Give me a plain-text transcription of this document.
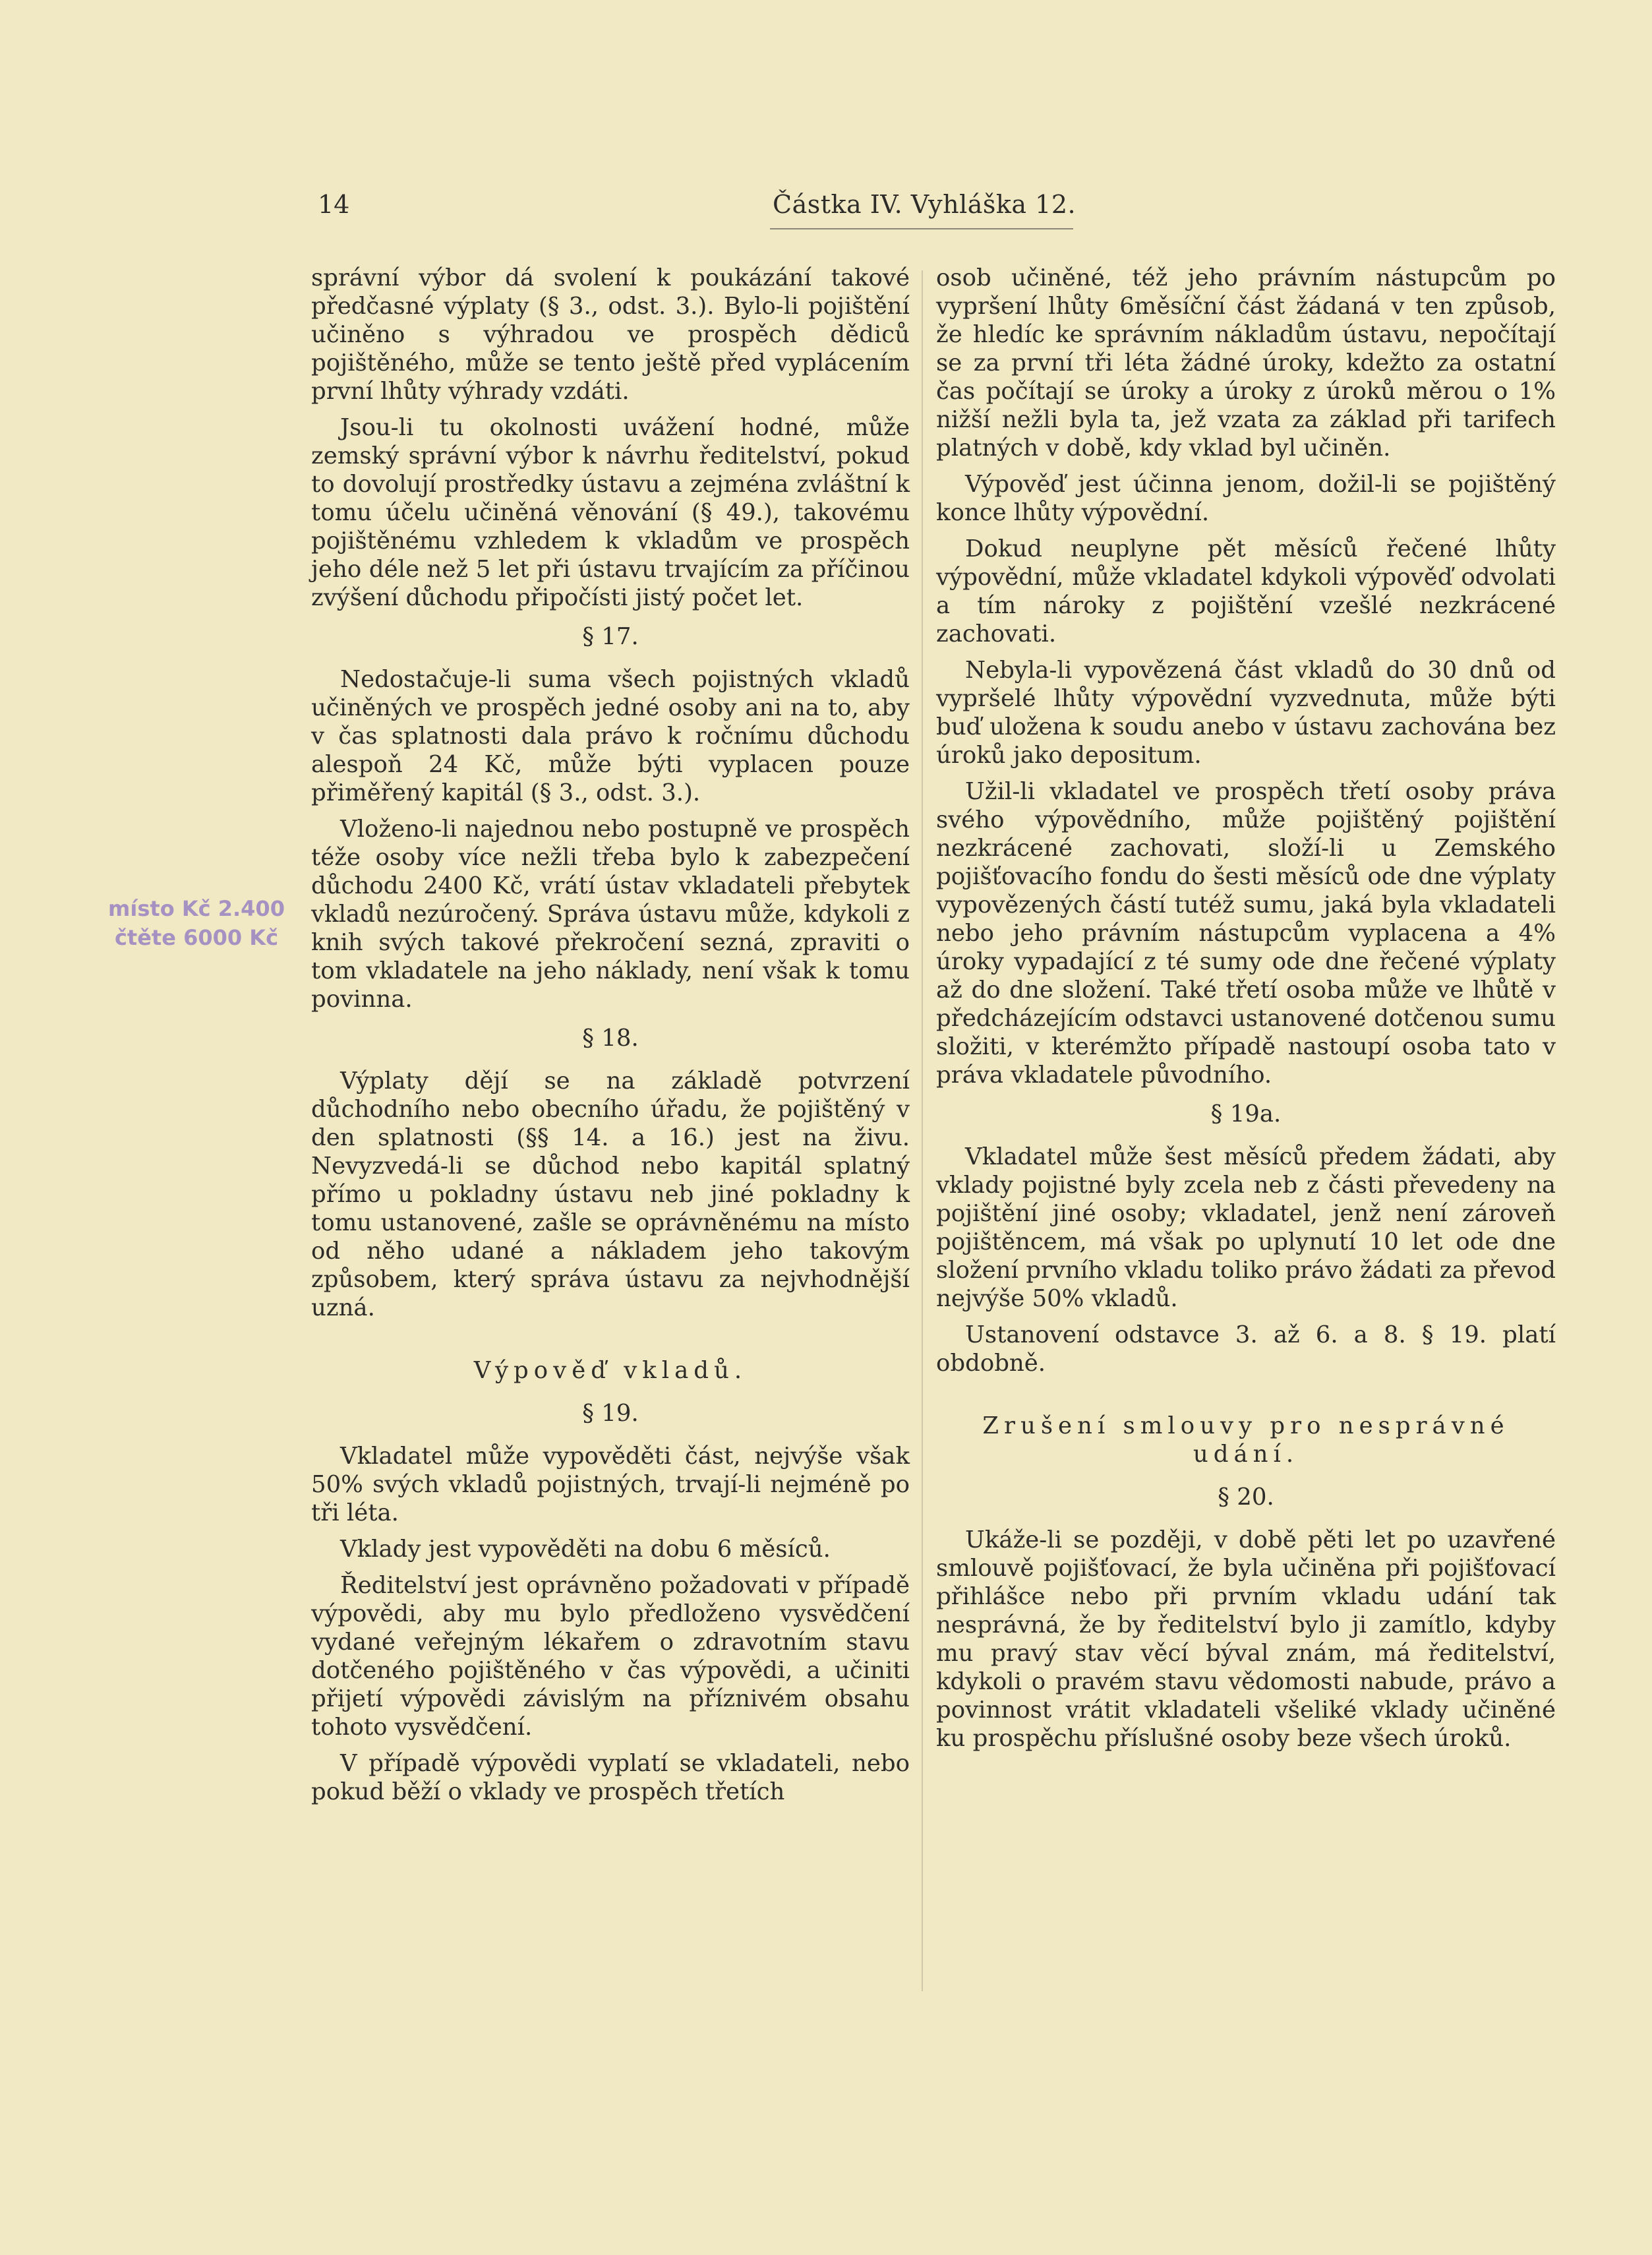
14	Částka IV. Vyhláška 12.
místo Kč 2.400
čtěte 6000 Kč

správní výbor dá svolení k poukázání takové předčasné výplaty (§ 3., odst. 3.). Bylo-li pojištění učiněno s výhradou ve prospěch dědiců pojištěného, může se tento ještě před vyplácením první lhůty výhrady vzdáti.

Jsou-li tu okolnosti uvážení hodné, může zemský správní výbor k návrhu ředitelství, pokud to dovolují prostředky ústavu a zejména zvláštní k tomu účelu učiněná věnování (§ 49.), takovému pojištěnému vzhledem k vkladům ve prospěch jeho déle než 5 let při ústavu trvajícím za příčinou zvýšení důchodu připočísti jistý počet let.

§ 17.

Nedostačuje-li suma všech pojistných vkladů učiněných ve prospěch jedné osoby ani na to, aby v čas splatnosti dala právo k ročnímu důchodu alespoň 24 Kč, může býti vyplacen pouze přiměřený kapitál (§ 3., odst. 3.).

Vloženo-li najednou nebo postupně ve prospěch téže osoby více nežli třeba bylo k zabezpečení důchodu 2400 Kč, vrátí ústav vkladateli přebytek vkladů nezúročený. Správa ústavu může, kdykoli z knih svých takové překročení sezná, zpraviti o tom vkladatele na jeho náklady, není však k tomu povinna.

§ 18.

Výplaty dějí se na základě potvrzení důchodního nebo obecního úřadu, že pojištěný v den splatnosti (§§ 14. a 16.) jest na živu. Nevyzvedá-li se důchod nebo kapitál splatný přímo u pokladny ústavu neb jiné pokladny k tomu ustanovené, zašle se oprávněnému na místo od něho udané a nákladem jeho takovým způsobem, který správa ústavu za nejvhodnější uzná.

Výpověď vkladů.
§ 19.

Vkladatel může vypověděti část, nejvýše však 50% svých vkladů pojistných, trvají-li nejméně po tři léta.

Vklady jest vypověděti na dobu 6 měsíců.

Ředitelství jest oprávněno požadovati v případě výpovědi, aby mu bylo předloženo vysvědčení vydané veřejným lékařem o zdravotním stavu dotčeného pojištěného v čas výpovědi, a učiniti přijetí výpovědi závislým na příznivém obsahu tohoto vysvědčení.

V případě výpovědi vyplatí se vkladateli, nebo pokud běží o vklady ve prospěch třetích

osob učiněné, též jeho právním nástupcům po vypršení lhůty 6měsíční část žádaná v ten způsob, že hledíc ke správním nákladům ústavu, nepočítají se za první tři léta žádné úroky, kdežto za ostatní čas počítají se úroky a úroky z úroků měrou o 1% nižší nežli byla ta, jež vzata za základ při tarifech platných v době, kdy vklad byl učiněn.

Výpověď jest účinna jenom, dožil-li se pojištěný konce lhůty výpovědní.

Dokud neuplyne pět měsíců řečené lhůty výpovědní, může vkladatel kdykoli výpověď odvolati a tím nároky z pojištění vzešlé nezkrácené zachovati.

Nebyla-li vypovězená část vkladů do 30 dnů od vypršelé lhůty výpovědní vyzvednuta, může býti buď uložena k soudu anebo v ústavu zachována bez úroků jako depositum.

Užil-li vkladatel ve prospěch třetí osoby práva svého výpovědního, může pojištěný pojištění nezkrácené zachovati, složí-li u Zemského pojišťovacího fondu do šesti měsíců ode dne výplaty vypovězených částí tutéž sumu, jaká byla vkladateli nebo jeho právním nástupcům vyplacena a 4% úroky vypadající z té sumy ode dne řečené výplaty až do dne složení. Také třetí osoba může ve lhůtě v předcházejícím odstavci ustanovené dotčenou sumu složiti, v kterémžto případě nastoupí osoba tato v práva vkladatele původního.

§ 19a.

Vkladatel může šest měsíců předem žádati, aby vklady pojistné byly zcela neb z části převedeny na pojištění jiné osoby; vkladatel, jenž není zároveň pojištěncem, má však po uplynutí 10 let ode dne složení prvního vkladu toliko právo žádati za převod nejvýše 50% vkladů.

Ustanovení odstavce 3. až 6. a 8. § 19. platí obdobně.

Zrušení smlouvy pro nesprávné udání.
§ 20.

Ukáže-li se později, v době pěti let po uzavřené smlouvě pojišťovací, že byla učiněna při pojišťovací přihlášce nebo při prvním vkladu udání tak nesprávná, že by ředitelství bylo ji zamítlo, kdyby mu pravý stav věcí býval znám, má ředitelství, kdykoli o pravém stavu vědomosti nabude, právo a povinnost vrátit vkladateli všeliké vklady učiněné ku prospěchu příslušné osoby beze všech úroků.
